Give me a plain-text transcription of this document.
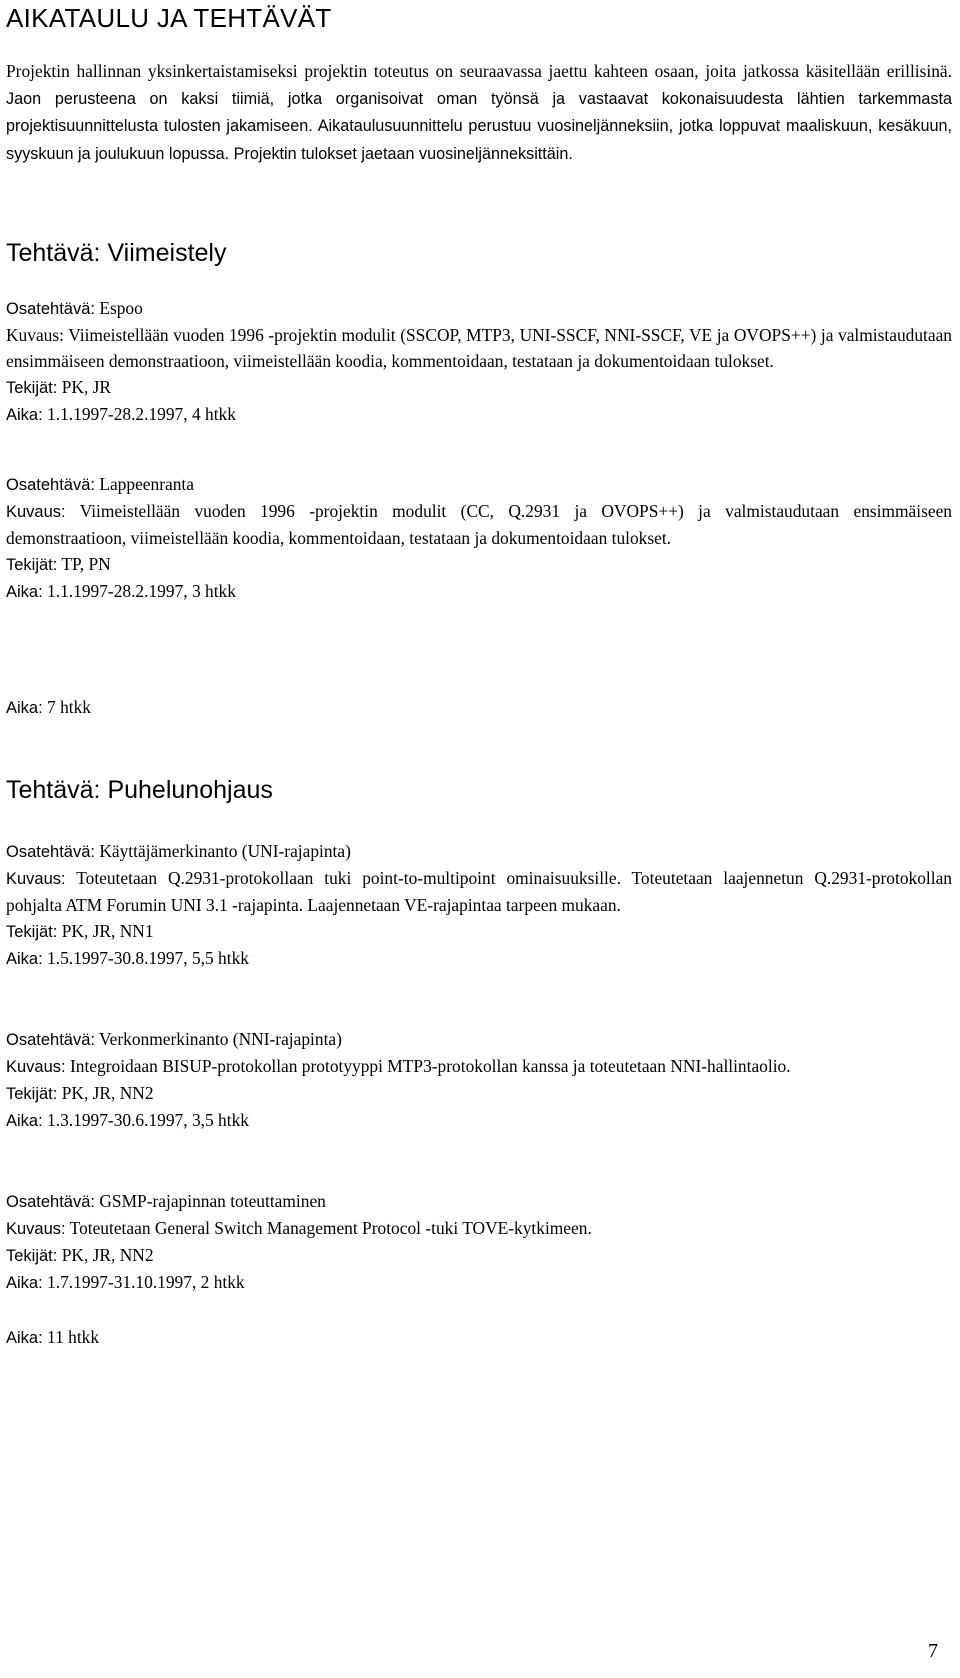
AIKATAULU JA TEHTÄVÄT

Projektin hallinnan yksinkertaistamiseksi projektin toteutus on seuraavassa jaettu kahteen osaan, joita jatkossa käsitellään erillisinä. Jaon perusteena on kaksi tiimiä, jotka organisoivat oman työnsä ja vastaavat kokonaisuudesta lähtien tarkemmasta projektisuunnittelusta tulosten jakamiseen. Aikataulusuunnittelu perustuu vuosineljänneksiin, jotka loppuvat maaliskuun, kesäkuun, syyskuun ja joulukuun lopussa. Projektin tulokset jaetaan vuosineljänneksittäin.

Tehtävä: Viimeistely

Osatehtävä: Espoo

Kuvaus: Viimeistellään vuoden 1996 -projektin modulit (SSCOP, MTP3, UNI-SSCF, NNI-SSCF, VE ja OVOPS++) ja valmistaudutaan ensimmäiseen demonstraatioon, viimeistellään koodia, kommentoidaan, testataan ja dokumentoidaan tulokset.

Tekijät: PK, JR

Aika: 1.1.1997-28.2.1997, 4 htkk

Osatehtävä: Lappeenranta

Kuvaus: Viimeistellään vuoden 1996 -projektin modulit (CC, Q.2931 ja OVOPS++) ja valmistaudutaan ensimmäiseen demonstraatioon, viimeistellään koodia, kommentoidaan, testataan ja dokumentoidaan tulokset.

Tekijät: TP, PN

Aika: 1.1.1997-28.2.1997, 3 htkk

Aika: 7 htkk

Tehtävä: Puhelunohjaus

Osatehtävä: Käyttäjämerkinanto (UNI-rajapinta)

Kuvaus: Toteutetaan Q.2931-protokollaan tuki point-to-multipoint ominaisuuksille. Toteutetaan laajennetun Q.2931-protokollan pohjalta ATM Forumin UNI 3.1 -rajapinta. Laajennetaan VE-rajapintaa tarpeen mukaan.

Tekijät: PK, JR, NN1

Aika: 1.5.1997-30.8.1997, 5,5 htkk

Osatehtävä: Verkonmerkinanto (NNI-rajapinta)

Kuvaus: Integroidaan BISUP-protokollan prototyyppi MTP3-protokollan kanssa ja toteutetaan NNI-hallintaolio.

Tekijät: PK, JR, NN2

Aika: 1.3.1997-30.6.1997, 3,5 htkk

Osatehtävä: GSMP-rajapinnan toteuttaminen

Kuvaus: Toteutetaan General Switch Management Protocol -tuki TOVE-kytkimeen.

Tekijät: PK, JR, NN2

Aika: 1.7.1997-31.10.1997, 2 htkk

Aika: 11 htkk

7
